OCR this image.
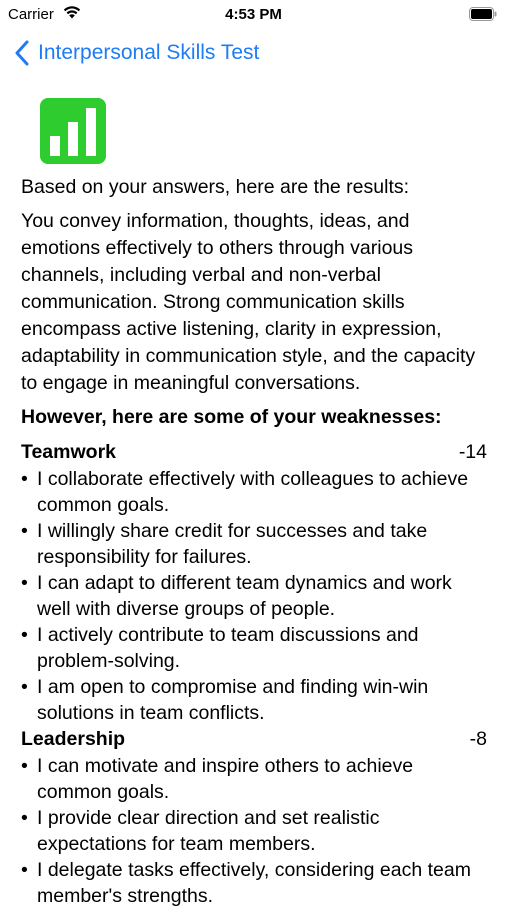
Carrier	4:53 PM
Interpersonal Skills Test

Based on your answers, here are the results:

You convey information, thoughts, ideas, and emotions effectively to others through various channels, including verbal and non-verbal communication. Strong communication skills encompass active listening, clarity in expression, adaptability in communication style, and the capacity to engage in meaningful conversations.

However, here are some of your weaknesses:

Teamwork	-14
• I collaborate effectively with colleagues to achieve common goals.
• I willingly share credit for successes and take responsibility for failures.
• I can adapt to different team dynamics and work well with diverse groups of people.
• I actively contribute to team discussions and problem-solving.
• I am open to compromise and finding win-win solutions in team conflicts.
Leadership	-8
• I can motivate and inspire others to achieve common goals.
• I provide clear direction and set realistic expectations for team members.
• I delegate tasks effectively, considering each team member's strengths.
